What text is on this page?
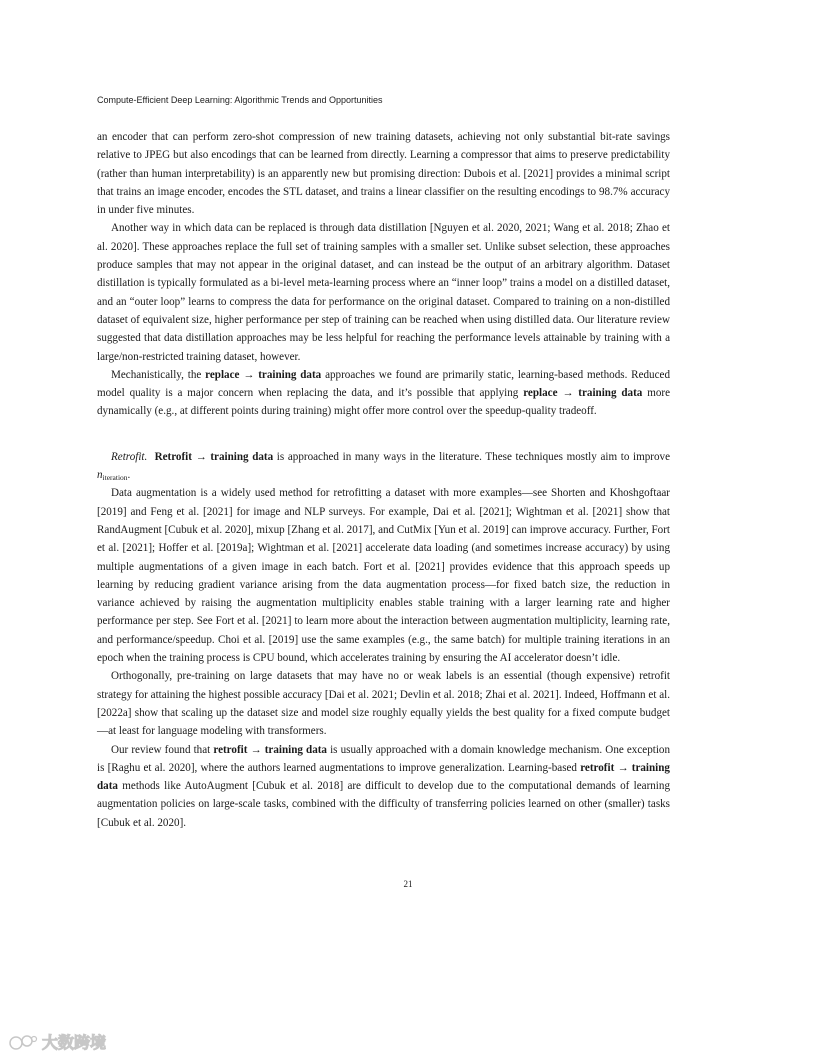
Compute-Efficient Deep Learning: Algorithmic Trends and Opportunities

an encoder that can perform zero-shot compression of new training datasets, achieving not only substantial bit-rate savings relative to JPEG but also encodings that can be learned from directly. Learning a compressor that aims to preserve predictability (rather than human interpretability) is an apparently new but promising direction: Dubois et al. [2021] provides a minimal script that trains an image encoder, encodes the STL dataset, and trains a linear classifier on the resulting encodings to 98.7% accuracy in under five minutes.

Another way in which data can be replaced is through data distillation [Nguyen et al. 2020, 2021; Wang et al. 2018; Zhao et al. 2020]. These approaches replace the full set of training samples with a smaller set. Unlike subset selection, these approaches produce samples that may not appear in the original dataset, and can instead be the output of an arbitrary algorithm. Dataset distillation is typically formulated as a bi-level meta-learning process where an “inner loop” trains a model on a distilled dataset, and an “outer loop” learns to compress the data for performance on the original dataset. Compared to training on a non-distilled dataset of equivalent size, higher performance per step of training can be reached when using distilled data. Our literature review suggested that data distillation approaches may be less helpful for reaching the performance levels attainable by training with a large/non-restricted training dataset, however.

Mechanistically, the replace → training data approaches we found are primarily static, learning-based methods. Reduced model quality is a major concern when replacing the data, and it’s possible that applying replace → training data more dynamically (e.g., at different points during training) might offer more control over the speedup-quality tradeoff.

Retrofit. Retrofit → training data is approached in many ways in the literature. These techniques mostly aim to improve $n_{iteration}$.

Data augmentation is a widely used method for retrofitting a dataset with more examples—see Shorten and Khoshgoftaar [2019] and Feng et al. [2021] for image and NLP surveys. For example, Dai et al. [2021]; Wightman et al. [2021] show that RandAugment [Cubuk et al. 2020], mixup [Zhang et al. 2017], and CutMix [Yun et al. 2019] can improve accuracy. Further, Fort et al. [2021]; Hoffer et al. [2019a]; Wightman et al. [2021] accelerate data loading (and sometimes increase accuracy) by using multiple augmentations of a given image in each batch. Fort et al. [2021] provides evidence that this approach speeds up learning by reducing gradient variance arising from the data augmentation process—for fixed batch size, the reduction in variance achieved by raising the augmentation multiplicity enables stable training with a larger learning rate and higher performance per step. See Fort et al. [2021] to learn more about the interaction between augmentation multiplicity, learning rate, and performance/speedup. Choi et al. [2019] use the same examples (e.g., the same batch) for multiple training iterations in an epoch when the training process is CPU bound, which accelerates training by ensuring the AI accelerator doesn’t idle.

Orthogonally, pre-training on large datasets that may have no or weak labels is an essential (though expensive) retrofit strategy for attaining the highest possible accuracy [Dai et al. 2021; Devlin et al. 2018; Zhai et al. 2021]. Indeed, Hoffmann et al. [2022a] show that scaling up the dataset size and model size roughly equally yields the best quality for a fixed compute budget—at least for language modeling with transformers.

Our review found that retrofit → training data is usually approached with a domain knowledge mechanism. One exception is [Raghu et al. 2020], where the authors learned augmentations to improve generalization. Learning-based retrofit → training data methods like AutoAugment [Cubuk et al. 2018] are difficult to develop due to the computational demands of learning augmentation policies on large-scale tasks, combined with the difficulty of transferring policies learned on other (smaller) tasks [Cubuk et al. 2020].

21
大数跨境
